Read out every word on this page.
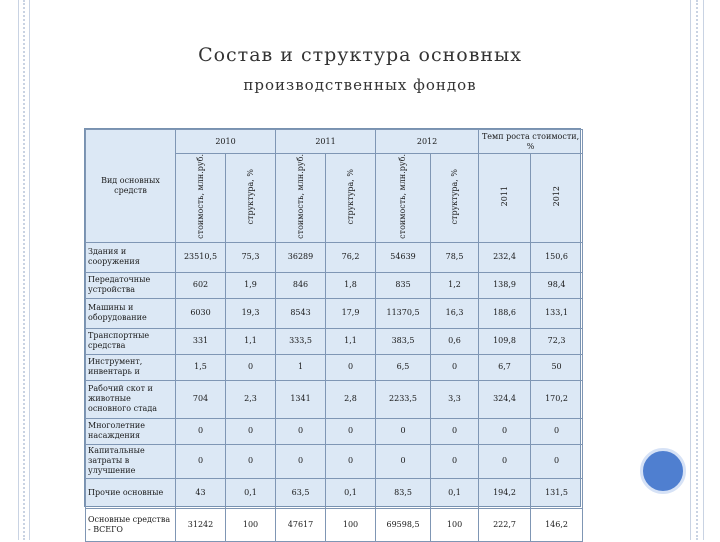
Состав и структура основных
производственных фондов
Вид основных средств	2010		2011		2012		Темп роста стоимости, %	
	стоимость, млн.руб.	структура, %	стоимость, млн.руб.	структура, %	стоимость, млн.руб.	структура, %	2011	2012
Здания и сооружения	23510,5	75,3	36289	76,2	54639	78,5	232,4	150,6
Передаточные устройства	602	1,9	846	1,8	835	1,2	138,9	98,4
Машины и оборудование	6030	19,3	8543	17,9	11370,5	16,3	188,6	133,1
Транспортные средства	331	1,1	333,5	1,1	383,5	0,6	109,8	72,3
Инструмент, инвентарь и	1,5	0	1	0	6,5	0	6,7	50
Рабочий скот и животные основного стада	704	2,3	1341	2,8	2233,5	3,3	324,4	170,2
Многолетние насаждения	0	0	0	0	0	0	0	0
Капитальные затраты в улучшение	0	0	0	0	0	0	0	0
Прочие основные	43	0,1	63,5	0,1	83,5	0,1	194,2	131,5
Основные средства - ВСЕГО	31242	100	47617	100	69598,5	100	222,7	146,2
